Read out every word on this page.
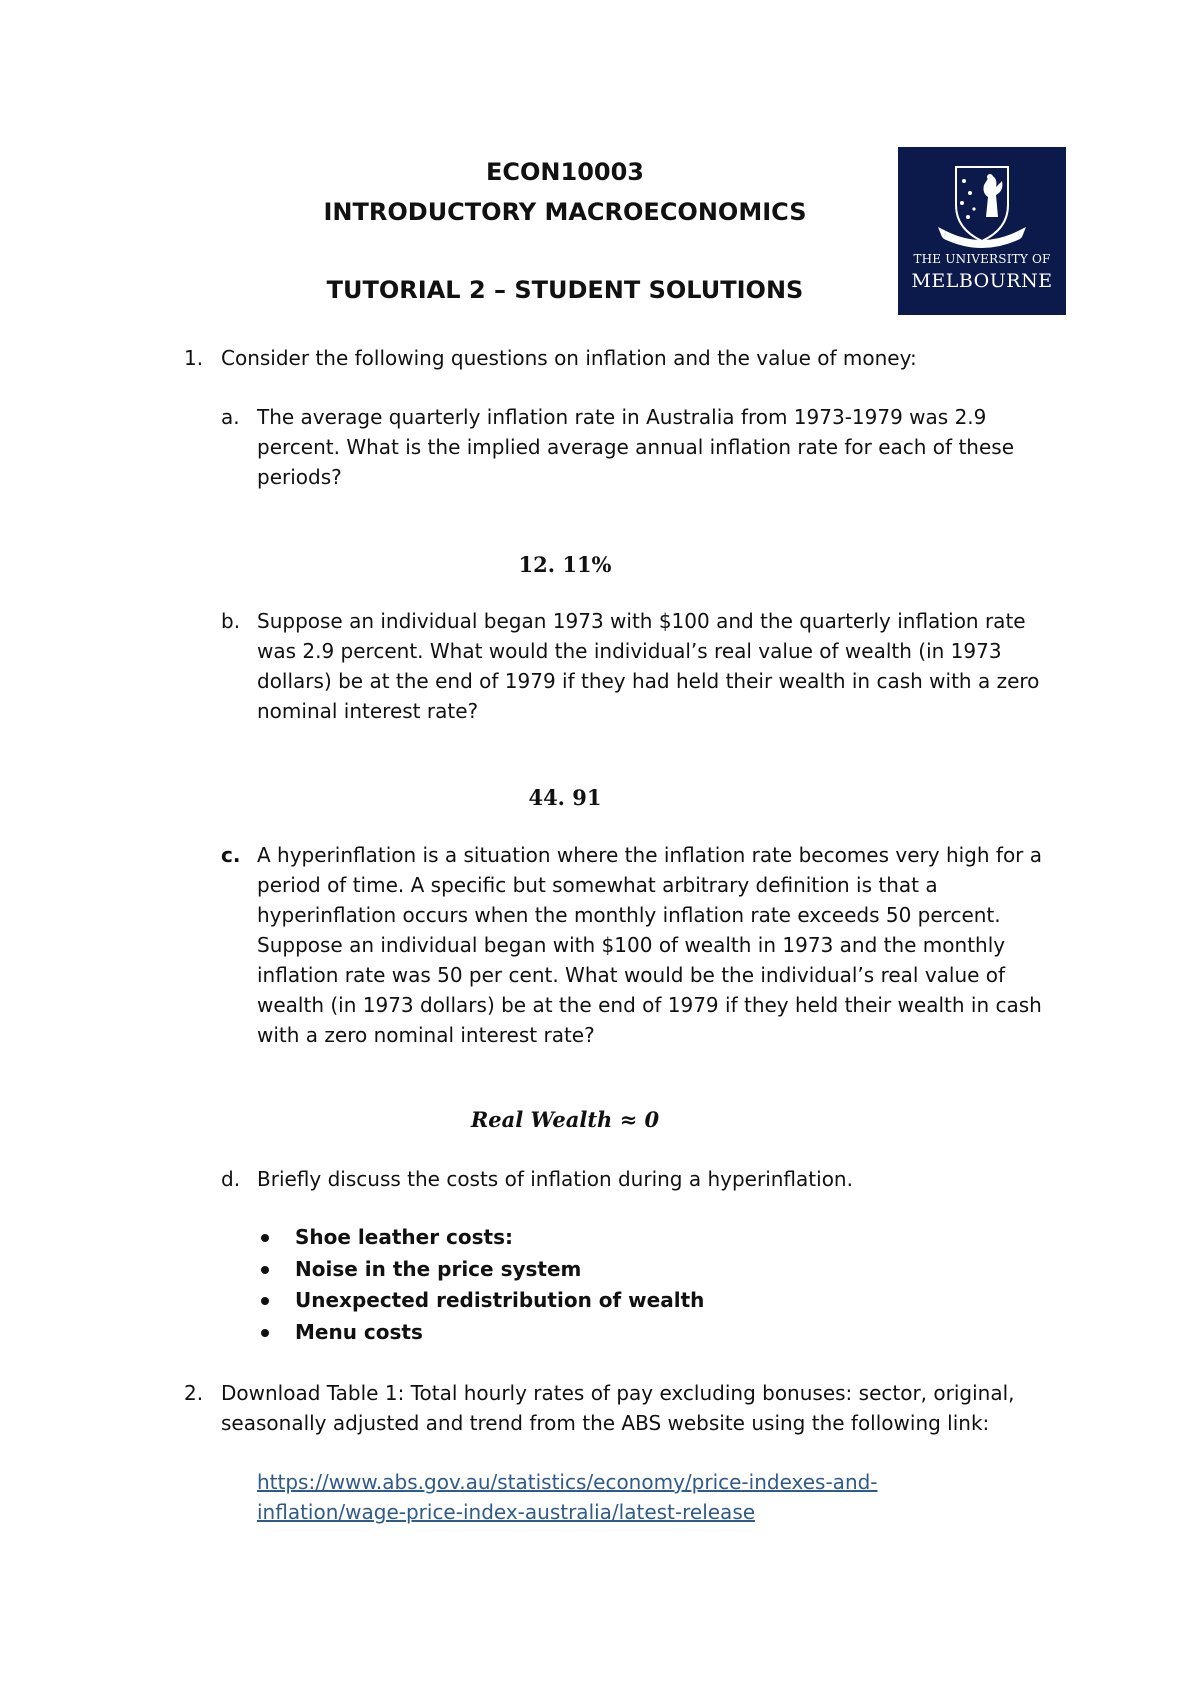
ECON10003
INTRODUCTORY MACROECONOMICS
TUTORIAL 2 – STUDENT SOLUTIONS
THE UNIVERSITY OF
MELBOURNE
1. Consider the following questions on inflation and the value of money:
a. The average quarterly inflation rate in Australia from 1973-1979 was 2.9 percent. What is the implied average annual inflation rate for each of these periods?
12. 11%
b. Suppose an individual began 1973 with $100 and the quarterly inflation rate was 2.9 percent. What would the individual’s real value of wealth (in 1973 dollars) be at the end of 1979 if they had held their wealth in cash with a zero nominal interest rate?
44. 91
c. A hyperinflation is a situation where the inflation rate becomes very high for a period of time. A specific but somewhat arbitrary definition is that a hyperinflation occurs when the monthly inflation rate exceeds 50 percent. Suppose an individual began with $100 of wealth in 1973 and the monthly inflation rate was 50 per cent. What would be the individual’s real value of wealth (in 1973 dollars) be at the end of 1979 if they held their wealth in cash with a zero nominal interest rate?
Real Wealth ≈ 0
d. Briefly discuss the costs of inflation during a hyperinflation.
Shoe leather costs:
Noise in the price system
Unexpected redistribution of wealth
Menu costs
2. Download Table 1: Total hourly rates of pay excluding bonuses: sector, original, seasonally adjusted and trend from the ABS website using the following link:
https://www.abs.gov.au/statistics/economy/price-indexes-and-
inflation/wage-price-index-australia/latest-release
